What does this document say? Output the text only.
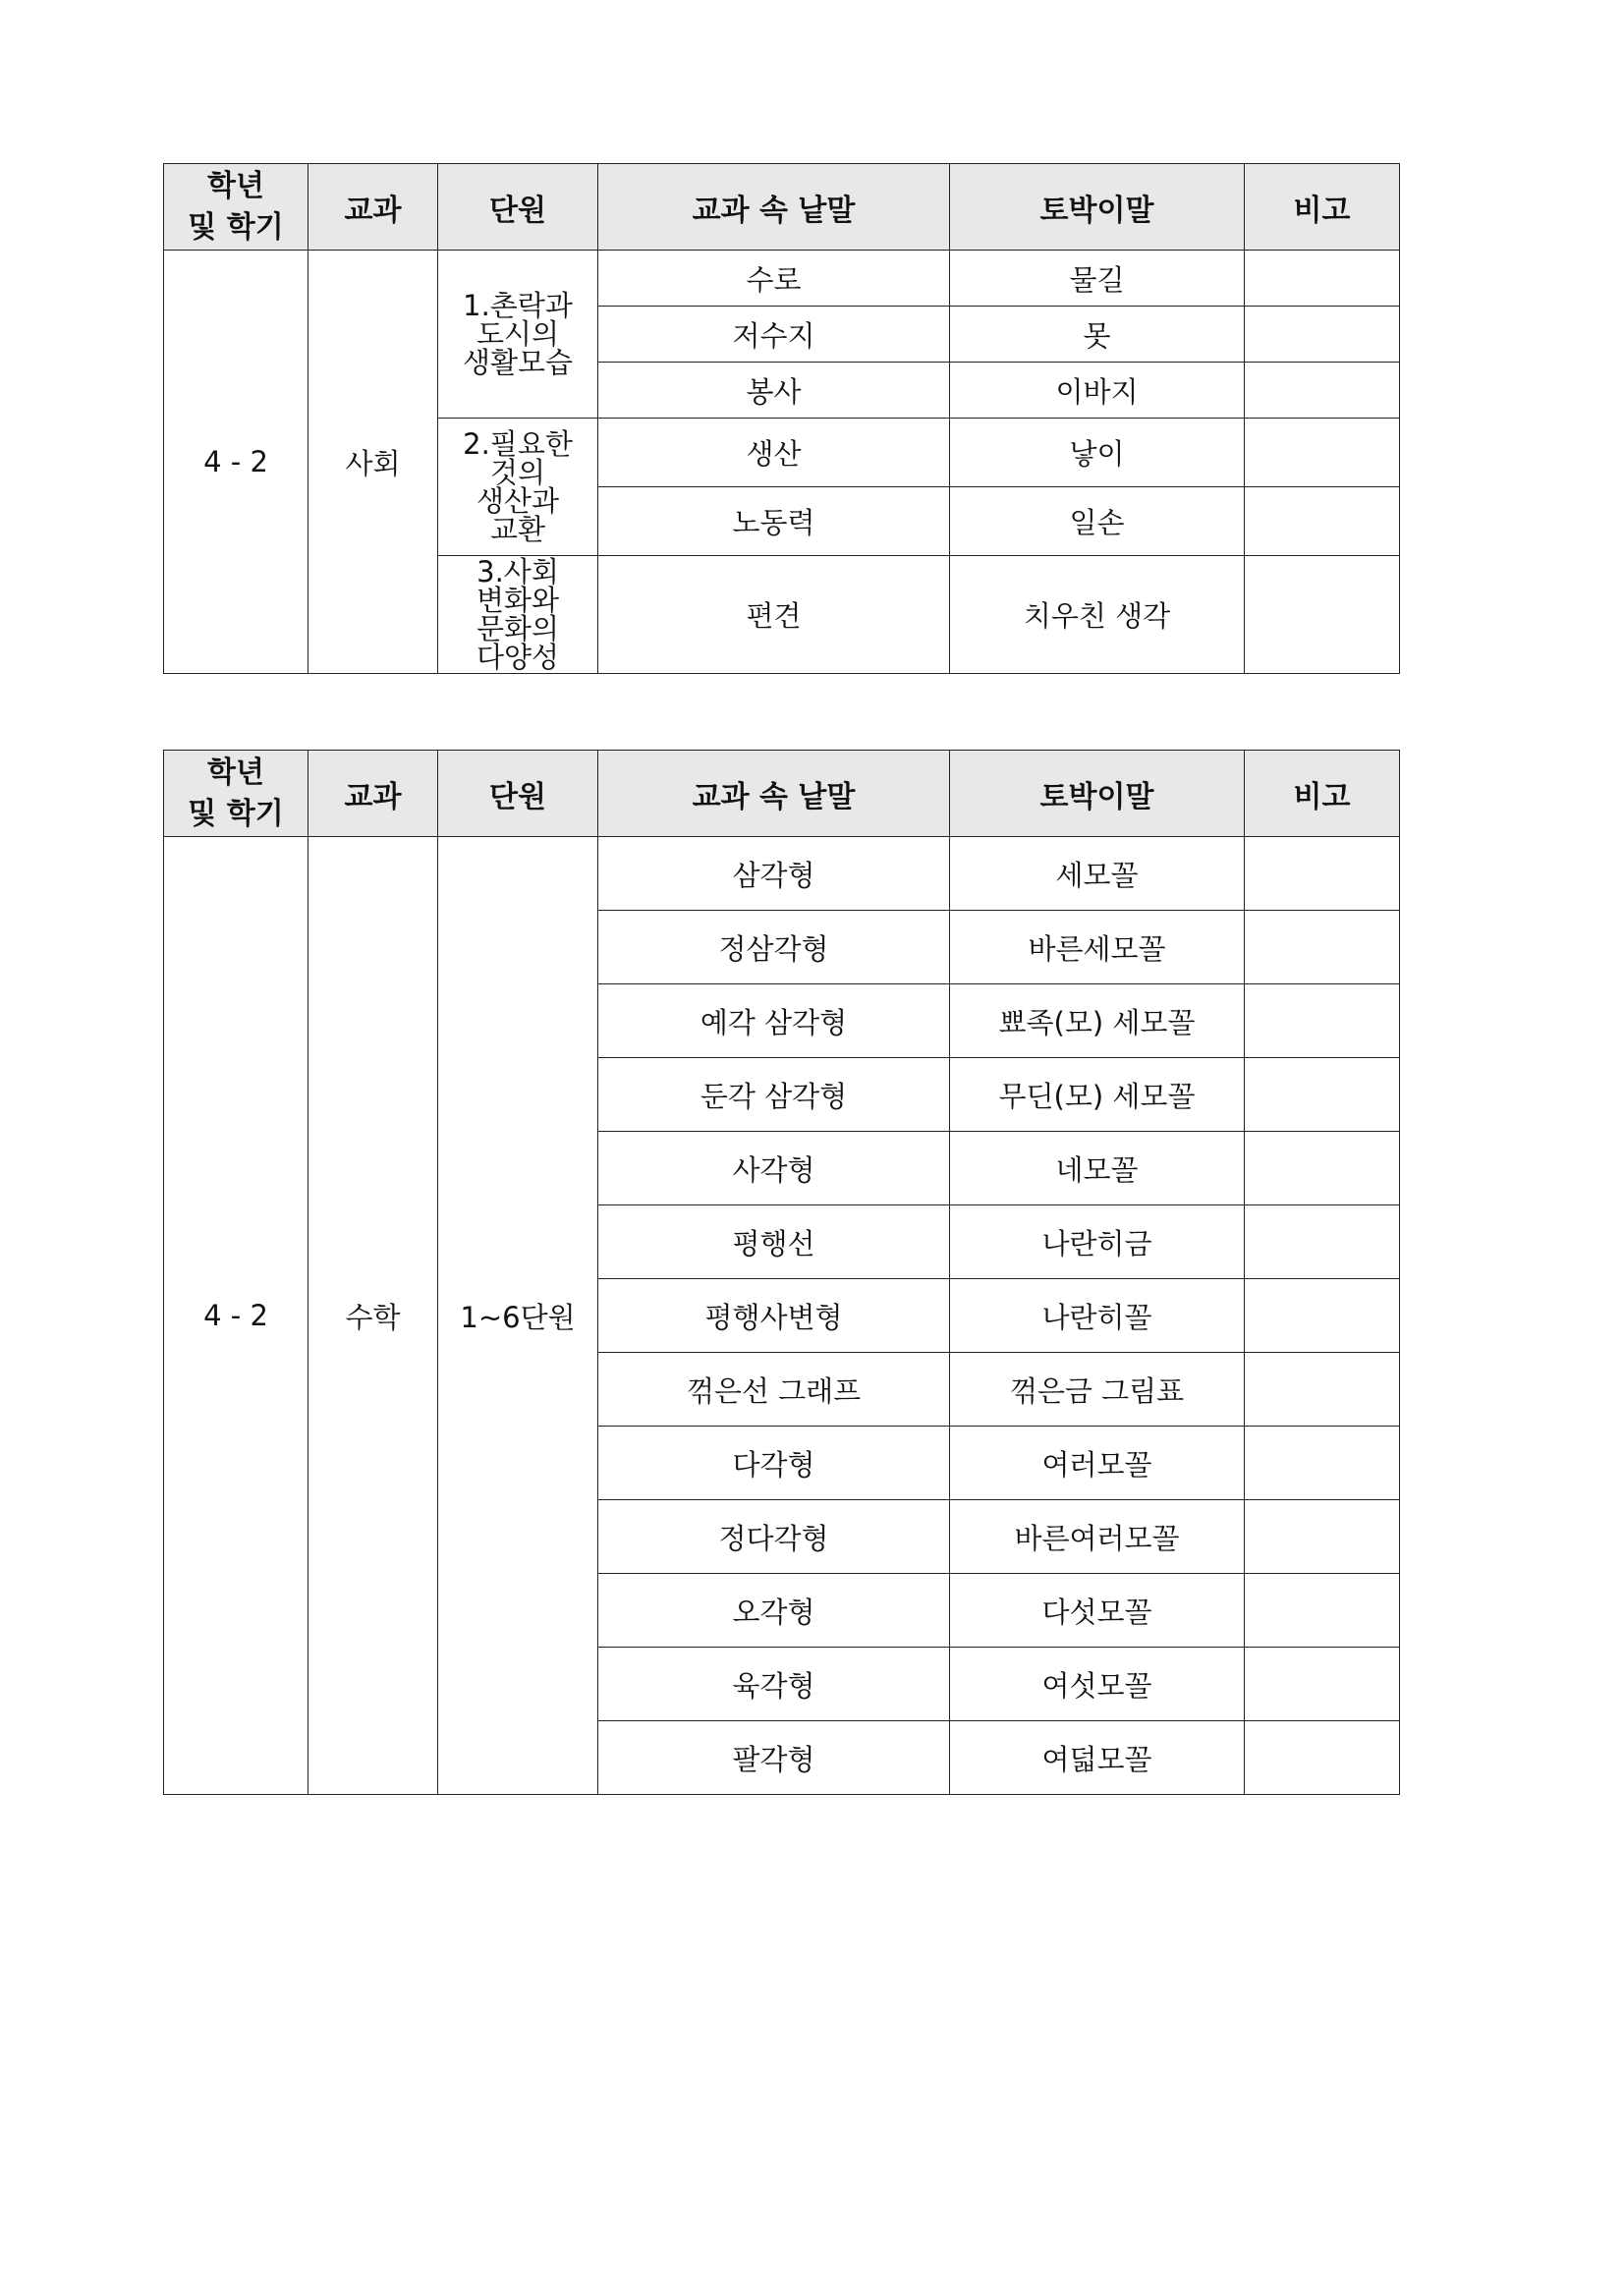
학년
및 학기	교과	단원	교과 속 낱말	토박이말	비고
4 - 2	사회	1.촌락과
도시의
생활모습	수로	물길	
			저수지	못	
			봉사	이바지	
		2.필요한
것의
생산과
교환	생산	낳이	
			노동력	일손	
		3.사회
변화와
문화의
다양성	편견	치우친 생각	
학년
및 학기	교과	단원	교과 속 낱말	토박이말	비고
4 - 2	수학	1~6단원	삼각형	세모꼴	
			정삼각형	바른세모꼴	
			예각 삼각형	뾰족(모) 세모꼴	
			둔각 삼각형	무딘(모) 세모꼴	
			사각형	네모꼴	
			평행선	나란히금	
			평행사변형	나란히꼴	
			꺾은선 그래프	꺾은금 그림표	
			다각형	여러모꼴	
			정다각형	바른여러모꼴	
			오각형	다섯모꼴	
			육각형	여섯모꼴	
			팔각형	여덟모꼴	
